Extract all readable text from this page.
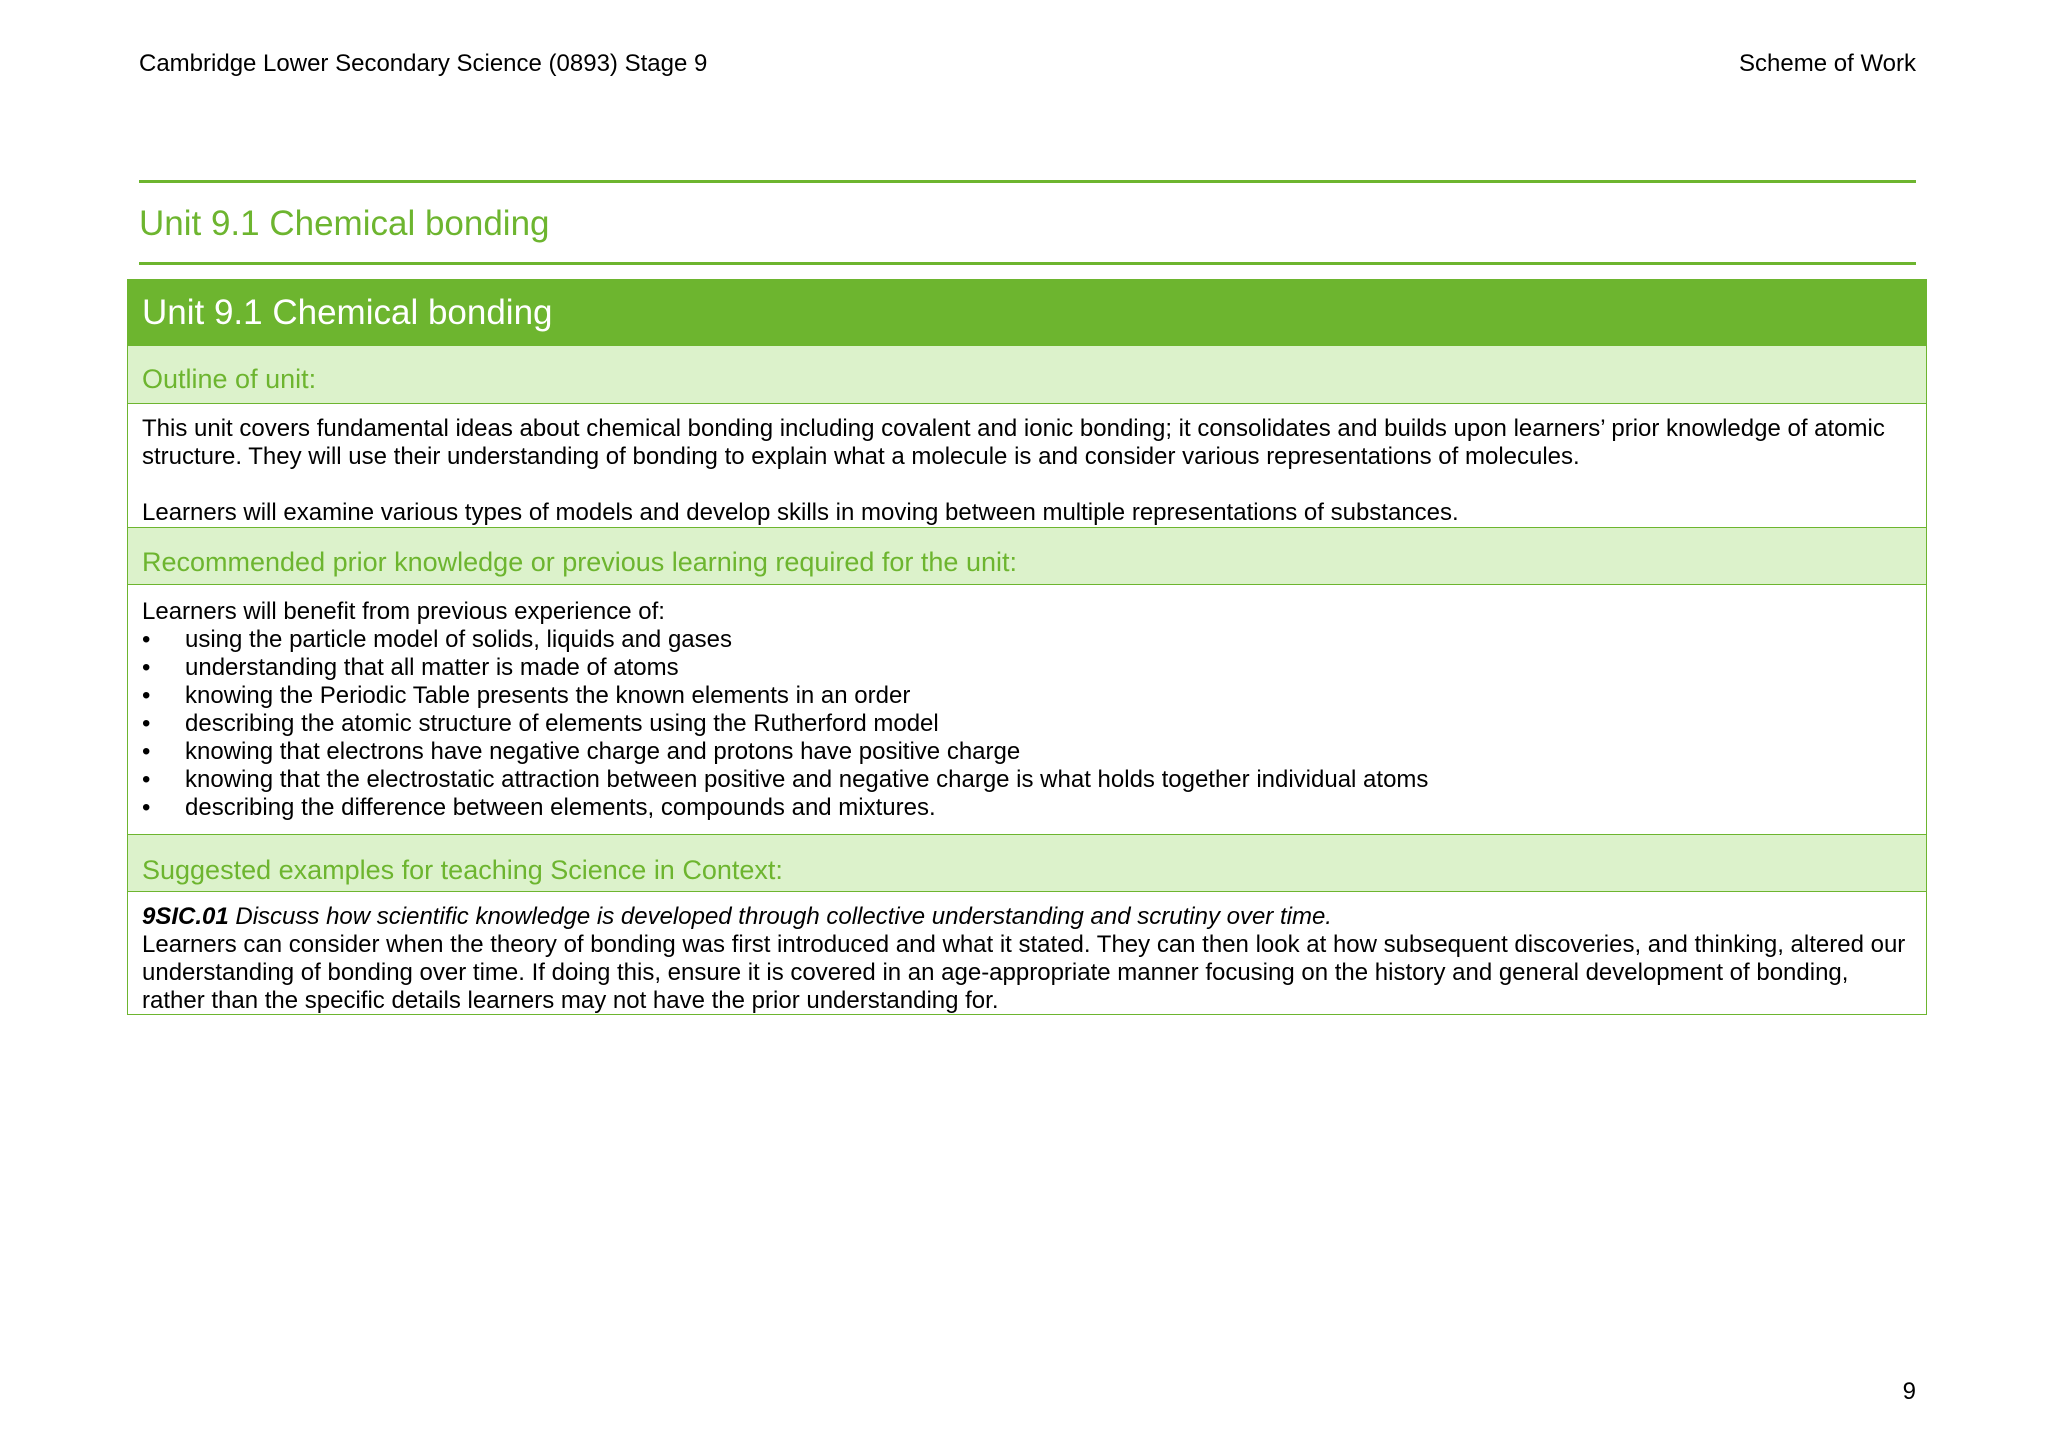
Cambridge Lower Secondary Science (0893) Stage 9	Scheme of Work
Unit 9.1 Chemical bonding
Unit 9.1 Chemical bonding
Outline of unit:
This unit covers fundamental ideas about chemical bonding including covalent and ionic bonding; it consolidates and builds upon learners’ prior knowledge of atomic structure. They will use their understanding of bonding to explain what a molecule is and consider various representations of molecules.
Learners will examine various types of models and develop skills in moving between multiple representations of substances.
Recommended prior knowledge or previous learning required for the unit:
Learners will benefit from previous experience of:
• using the particle model of solids, liquids and gases
• understanding that all matter is made of atoms
• knowing the Periodic Table presents the known elements in an order
• describing the atomic structure of elements using the Rutherford model
• knowing that electrons have negative charge and protons have positive charge
• knowing that the electrostatic attraction between positive and negative charge is what holds together individual atoms
• describing the difference between elements, compounds and mixtures.
Suggested examples for teaching Science in Context:
9SIC.01 Discuss how scientific knowledge is developed through collective understanding and scrutiny over time.
Learners can consider when the theory of bonding was first introduced and what it stated. They can then look at how subsequent discoveries, and thinking, altered our understanding of bonding over time. If doing this, ensure it is covered in an age-appropriate manner focusing on the history and general development of bonding, rather than the specific details learners may not have the prior understanding for.
9
